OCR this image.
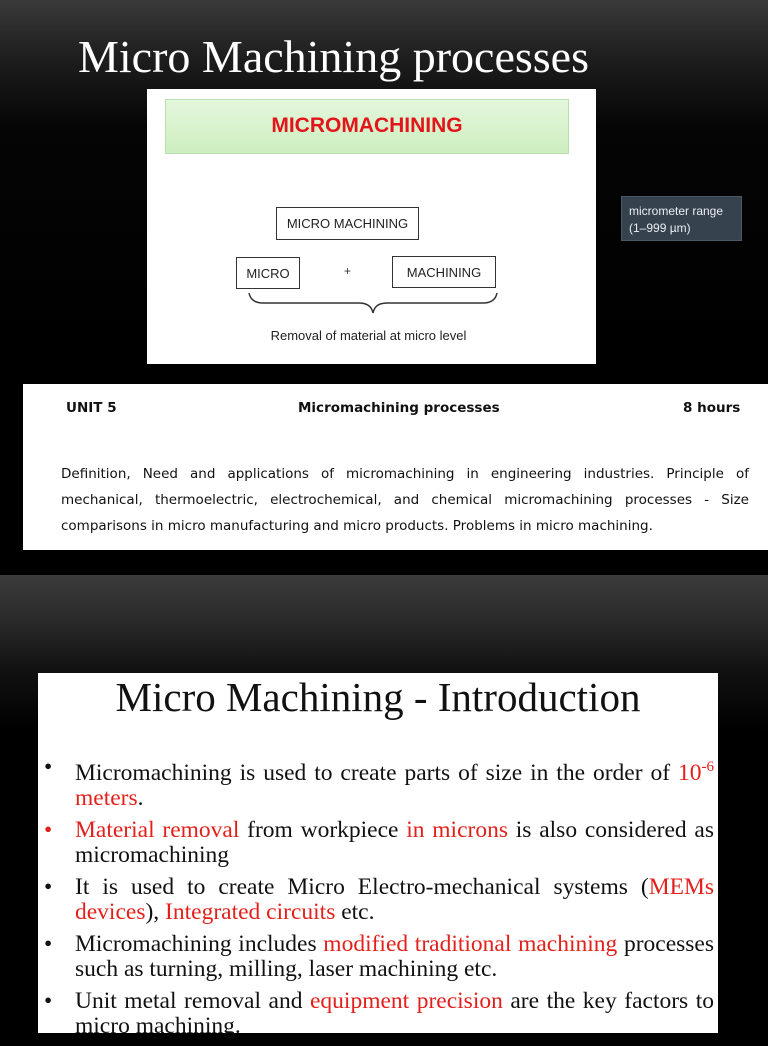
Micro Machining processes
MICROMACHINING
MICRO MACHINING
MICRO	+	MACHINING
Removal of material at micro level
micrometer range (1–999 µm)
UNIT 5	Micromachining processes	8 hours
Definition, Need and applications of micromachining in engineering industries. Principle of mechanical, thermoelectric, electrochemical, and chemical micromachining processes - Size comparisons in micro manufacturing and micro products. Problems in micro machining.
Micro Machining - Introduction
• Micromachining is used to create parts of size in the order of $10^{-6}$ meters.
• Material removal from workpiece in microns is also considered as micromachining
• It is used to create Micro Electro-mechanical systems (MEMs devices), Integrated circuits etc.
• Micromachining includes modified traditional machining processes such as turning, milling, laser machining etc.
• Unit metal removal and equipment precision are the key factors to micro machining.
